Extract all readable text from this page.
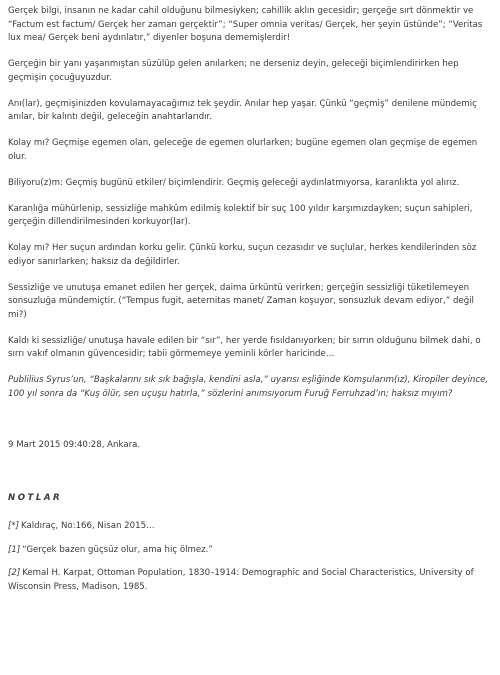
Gerçek bilgi, insanın ne kadar cahil olduğunu bilmesiyken; cahillik aklın gecesidir; gerçeğe sırt dönmektir ve “Factum est factum/ Gerçek her zaman gerçektir”; “Super omnia veritas/ Gerçek, her şeyin üstünde”; “Veritas lux mea/ Gerçek beni aydınlatır,” diyenler boşuna dememişlerdir!

Gerçeğin bir yanı yaşanmıştan süzülüp gelen anılarken; ne derseniz deyin, geleceği biçimlendirirken hep geçmişin çocuğuyuzdur.

Anı(lar), geçmişinizden kovulamayacağımız tek şeydir. Anılar hep yaşar. Çünkü “geçmiş” denilene mündemiç anılar, bir kalıntı değil, geleceğin anahtarlarıdır.

Kolay mı? Geçmişe egemen olan, geleceğe de egemen olurlarken; bugüne egemen olan geçmişe de egemen olur.

Biliyoru(z)m: Geçmiş bugünü etkiler/ biçimlendirir. Geçmiş geleceği aydınlatmıyorsa, karanlıkta yol alırız.

Karanlığa mühürlenip, sessizliğe mahkûm edilmiş kolektif bir suç 100 yıldır karşımızdayken; suçun sahipleri, gerçeğin dillendirilmesinden korkuyor(lar).

Kolay mı? Her suçun ardından korku gelir. Çünkü korku, suçun cezasıdır ve suçlular, herkes kendilerinden söz ediyor sanırlarken; haksız da değildirler.

Sessizliğe ve unutuşa emanet edilen her gerçek, daima ürküntü verirken; gerçeğin sessizliği tüketilemeyen sonsuzluğa mündemiçtir. (“Tempus fugit, aeternitas manet/ Zaman koşuyor, sonsuzluk devam ediyor,” değil mi?)

Kaldı ki sessizliğe/ unutuşa havale edilen bir “sır”, her yerde fısıldanıyorken; bir sırrın olduğunu bilmek dahi, o sırrı vakıf olmanın güvencesidir; tabii görmemeye yeminli körler haricinde…

Publilius Syrus’un, “Başkalarını sık sık bağışla, kendini asla,” uyarısı eşliğinde Komşularım(ız), Kiropiler deyince, 100 yıl sonra da “Kuş ölür, sen uçuşu hatırla,” sözlerini anımsıyorum Furuğ Ferruhzad’ın; haksız mıyım?

9 Mart 2015 09:40:28, Ankara.
NOTLAR
[*] Kaldıraç, No:166, Nisan 2015…
[1] “Gerçek bazen güçsüz olur, ama hiç ölmez.”
[2] Kemal H. Karpat, Ottoman Population, 1830–1914: Demographic and Social Characteristics, University of Wisconsin Press, Madison, 1985.
